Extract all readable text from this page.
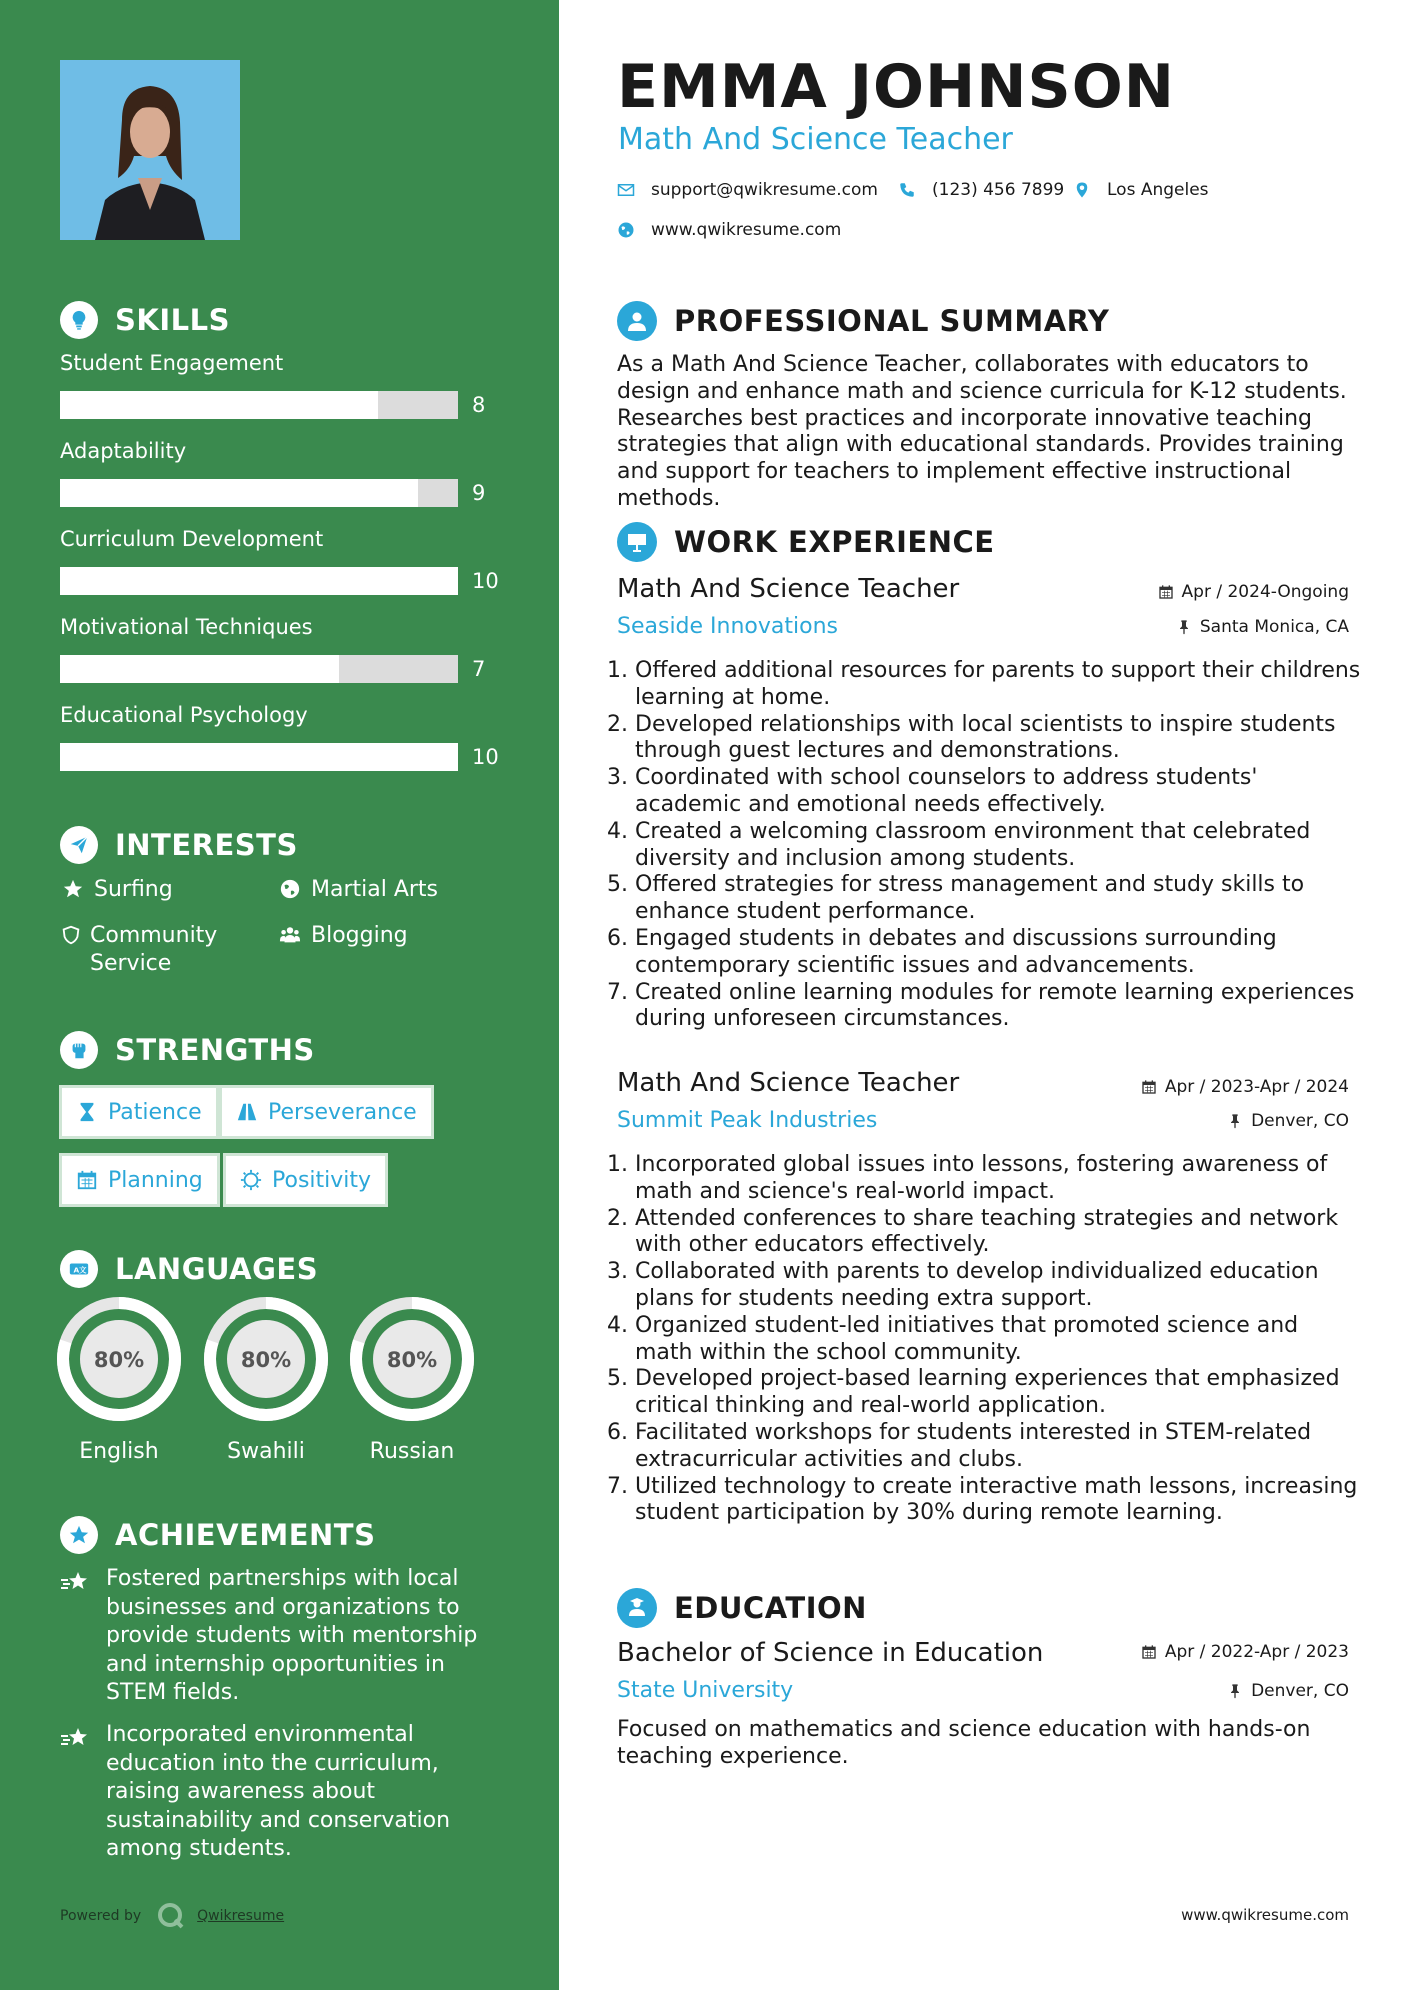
SKILLS
Student Engagement
8
Adaptability
9
Curriculum Development
10
Motivational Techniques
7
Educational Psychology
10
INTERESTS
Surfing	Martial Arts
Community Service
Blogging
STRENGTHS
Patience	Perseverance
Planning	Positivity
A文 LANGUAGES
80%
English
80%
Swahili
80%
Russian
ACHIEVEMENTS
Fostered partnerships with local businesses and organizations to provide students with mentorship and internship opportunities in STEM fields.
Incorporated environmental education into the curriculum, raising awareness about sustainability and conservation among students.
Powered by	Qwikresume
EMMA JOHNSON
Math And Science Teacher
support@qwikresume.com	(123) 456 7899	Los Angeles
www.qwikresume.com
PROFESSIONAL SUMMARY
As a Math And Science Teacher, collaborates with educators to design and enhance math and science curricula for K-12 students. Researches best practices and incorporate innovative teaching strategies that align with educational standards. Provides training and support for teachers to implement effective instructional methods.
WORK EXPERIENCE
Math And Science Teacher	Apr / 2024-Ongoing
Seaside Innovations	Santa Monica, CA
1. Offered additional resources for parents to support their childrens learning at home.
2. Developed relationships with local scientists to inspire students through guest lectures and demonstrations.
3. Coordinated with school counselors to address students' academic and emotional needs effectively.
4. Created a welcoming classroom environment that celebrated diversity and inclusion among students.
5. Offered strategies for stress management and study skills to enhance student performance.
6. Engaged students in debates and discussions surrounding contemporary scientific issues and advancements.
7. Created online learning modules for remote learning experiences during unforeseen circumstances.
Math And Science Teacher	Apr / 2023-Apr / 2024
Summit Peak Industries	Denver, CO
1. Incorporated global issues into lessons, fostering awareness of math and science's real-world impact.
2. Attended conferences to share teaching strategies and network with other educators effectively.
3. Collaborated with parents to develop individualized education plans for students needing extra support.
4. Organized student-led initiatives that promoted science and math within the school community.
5. Developed project-based learning experiences that emphasized critical thinking and real-world application.
6. Facilitated workshops for students interested in STEM-related extracurricular activities and clubs.
7. Utilized technology to create interactive math lessons, increasing student participation by 30% during remote learning.
EDUCATION
Bachelor of Science in Education	Apr / 2022-Apr / 2023
State University	Denver, CO
Focused on mathematics and science education with hands-on teaching experience.
www.qwikresume.com
